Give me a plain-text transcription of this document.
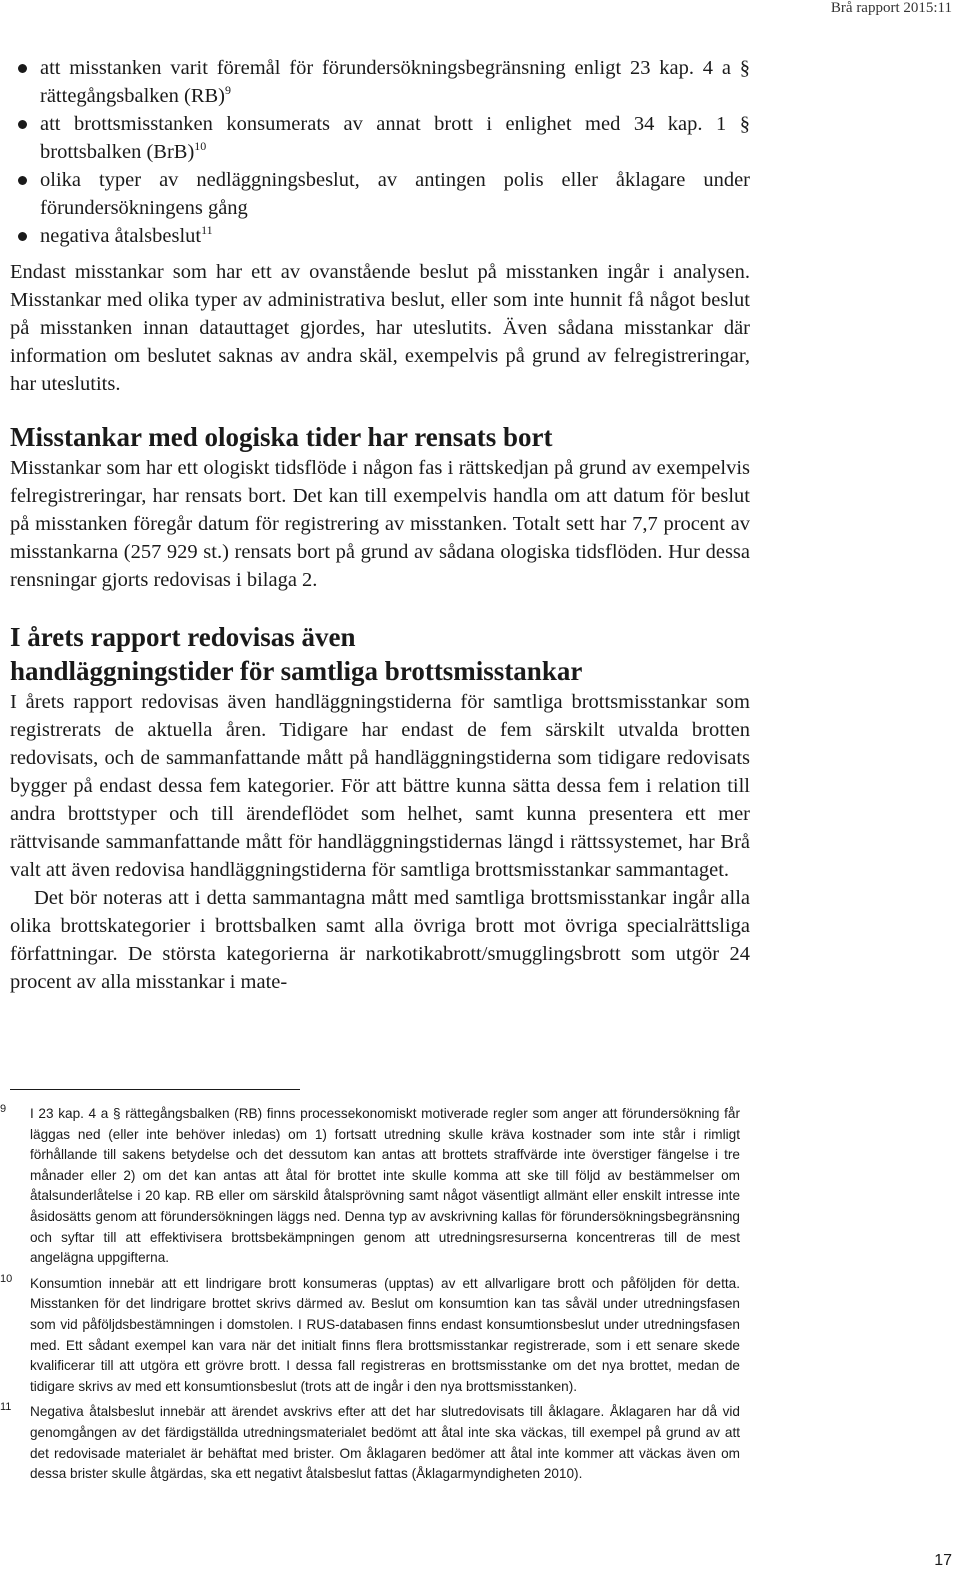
Brå rapport 2015:11
att misstanken varit föremål för förundersökningsbegränsning enligt 23 kap. 4 a § rättegångsbalken (RB)$^9$
att brottsmisstanken konsumerats av annat brott i enlighet med 34 kap. 1 § brottsbalken (BrB)$^{10}$
olika typer av nedläggningsbeslut, av antingen polis eller åklagare under förundersökningens gång
negativa åtalsbeslut$^{11}$

Endast misstankar som har ett av ovanstående beslut på misstanken ingår i analysen. Misstankar med olika typer av administrativa beslut, eller som inte hunnit få något beslut på misstanken innan datauttaget gjordes, har uteslutits. Även sådana misstankar där information om beslutet saknas av andra skäl, exempelvis på grund av felregistreringar, har uteslutits.

Misstankar med ologiska tider har rensats bort

Misstankar som har ett ologiskt tidsflöde i någon fas i rättskedjan på grund av exempelvis felregistreringar, har rensats bort. Det kan till exempelvis handla om att datum för beslut på misstanken föregår datum för registrering av misstanken. Totalt sett har 7,7 procent av misstankarna (257 929 st.) rensats bort på grund av sådana ologiska tidsflöden. Hur dessa rensningar gjorts redovisas i bilaga 2.

I årets rapport redovisas även
handläggningstider för samtliga brottsmisstankar

I årets rapport redovisas även handläggningstiderna för samtliga brottsmisstankar som registrerats de aktuella åren. Tidigare har endast de fem särskilt utvalda brotten redovisats, och de sammanfattande mått på handläggningstiderna som tidigare redovisats bygger på endast dessa fem kategorier. För att bättre kunna sätta dessa fem i relation till andra brottstyper och till ärendeflödet som helhet, samt kunna presentera ett mer rättvisande sammanfattande mått för handläggningstidernas längd i rättssystemet, har Brå valt att även redovisa handläggningstiderna för samtliga brottsmisstankar sammantaget.

Det bör noteras att i detta sammantagna mått med samtliga brottsmisstankar ingår alla olika brottskategorier i brottsbalken samt alla övriga brott mot övriga specialrättsliga författningar. De största kategorierna är narkotikabrott/smugglingsbrott som utgör 24 procent av alla misstankar i mate-

9 I 23 kap. 4 a § rättegångsbalken (RB) finns processekonomiskt motiverade regler som anger att förundersökning får läggas ned (eller inte behöver inledas) om 1) fortsatt utredning skulle kräva kostnader som inte står i rimligt förhållande till sakens betydelse och det dessutom kan antas att brottets straffvärde inte överstiger fängelse i tre månader eller 2) om det kan antas att åtal för brottet inte skulle komma att ske till följd av bestämmelser om åtalsunderlåtelse i 20 kap. RB eller om särskild åtalsprövning samt något väsentligt allmänt eller enskilt intresse inte åsidosätts genom att förundersökningen läggs ned. Denna typ av avskrivning kallas för förundersökningsbegränsning och syftar till att effektivisera brottsbekämpningen genom att utredningsresurserna koncentreras till de mest angelägna uppgifterna.
10 Konsumtion innebär att ett lindrigare brott konsumeras (upptas) av ett allvarligare brott och påföljden för detta. Misstanken för det lindrigare brottet skrivs därmed av. Beslut om konsumtion kan tas såväl under utredningsfasen som vid påföljdsbestämningen i domstolen. I RUS-databasen finns endast konsumtionsbeslut under utredningsfasen med. Ett sådant exempel kan vara när det initialt finns flera brottsmisstankar registrerade, som i ett senare skede kvalificerar till att utgöra ett grövre brott. I dessa fall registreras en brottsmisstanke om det nya brottet, medan de tidigare skrivs av med ett konsumtionsbeslut (trots att de ingår i den nya brottsmisstanken).
11 Negativa åtalsbeslut innebär att ärendet avskrivs efter att det har slutredovisats till åklagare. Åklagaren har då vid genomgången av det färdigställda utredningsmaterialet bedömt att åtal inte ska väckas, till exempel på grund av att det redovisade materialet är behäftat med brister. Om åklagaren bedömer att åtal inte kommer att väckas även om dessa brister skulle åtgärdas, ska ett negativt åtalsbeslut fattas (Åklagarmyndigheten 2010).
17
